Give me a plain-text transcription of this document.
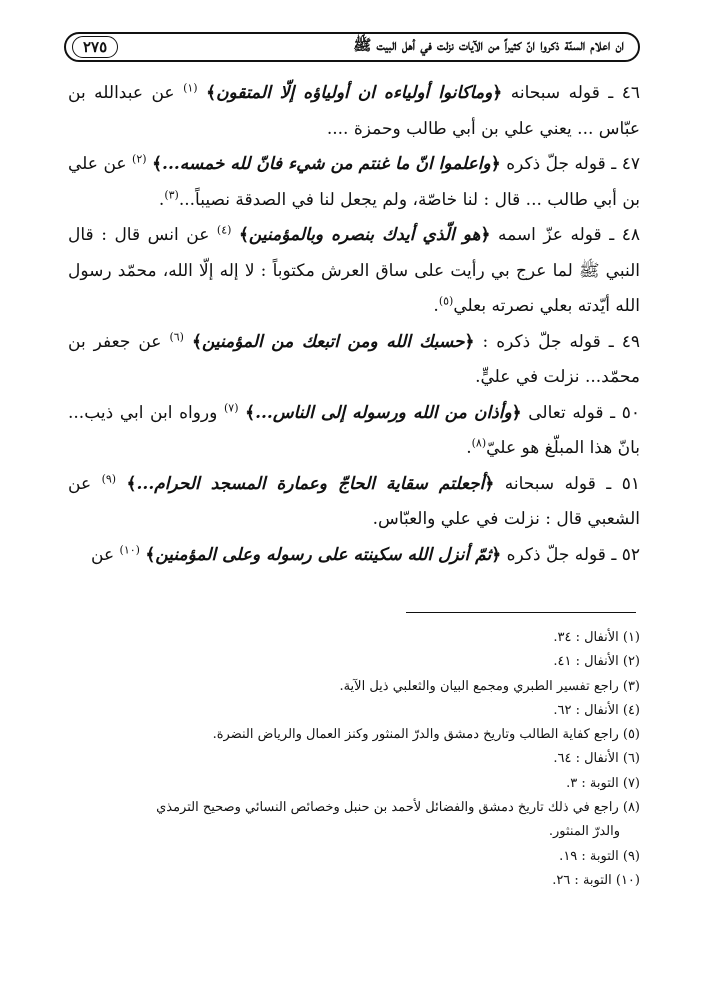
٢٧٥	ان اعلام السنّة ذكروا انّ كثيراً من الآيات نزلت في أهل البيت ﷺ

٤٦ ـ قوله سبحانه ﴿وماكانوا أولياءه ان أولياؤه إلّا المتقون﴾ $^{(١)}$ عن عبدالله بن عبّاس ... يعني علي بن أبي طالب وحمزة ....

٤٧ ـ قوله جلّ ذكره ﴿واعلموا انّ ما غنتم من شيء فانّ لله خمسه...﴾ $^{(٢)}$ عن علي بن أبي طالب ... قال : لنا خاصّة، ولم يجعل لنا في الصدقة نصيباً...$^{(٣)}$.

٤٨ ـ قوله عزّ اسمه ﴿هو الّذي أيدك بنصره وبالمؤمنين﴾ $^{(٤)}$ عن انس قال : قال النبي ﷺ لما عرج بي رأيت على ساق العرش مكتوباً : لا إله إلّا الله، محمّد رسول الله أيّدته بعلي نصرته بعلي$^{(٥)}$.

٤٩ ـ قوله جلّ ذكره : ﴿حسبك الله ومن اتبعك من المؤمنين﴾ $^{(٦)}$ عن جعفر بن محمّد... نزلت في عليٍّ.

٥٠ ـ قوله تعالى ﴿وأذان من الله ورسوله إلى الناس...﴾ $^{(٧)}$ ورواه ابن ابي ذيب... بانّ هذا المبلّغ هو عليّ$^{(٨)}$.

٥١ ـ قوله سبحانه ﴿أجعلتم سقاية الحاجّ وعمارة المسجد الحرام...﴾ $^{(٩)}$ عن الشعبي قال : نزلت في علي والعبّاس.

٥٢ ـ قوله جلّ ذكره ﴿ثمّ أنزل الله سكينته على رسوله وعلى المؤمنين﴾ $^{(١٠)}$ عن

(١) الأنفال : ٣٤.

(٢) الأنفال : ٤١.

(٣) راجع تفسير الطبري ومجمع البيان والثعلبي ذيل الآية.

(٤) الأنفال : ٦٢.

(٥) راجع كفاية الطالب وتاريخ دمشق والدرّ المنثور وكنز العمال والرياض النضرة.

(٦) الأنفال : ٦٤.

(٧) التوبة : ٣.

(٨) راجع في ذلك تاريخ دمشق والفضائل لأحمد بن حنبل وخصائص النسائي وصحيح الترمذي

والدرّ المنثور.

(٩) التوبة : ١٩.

(١٠) التوبة : ٢٦.
